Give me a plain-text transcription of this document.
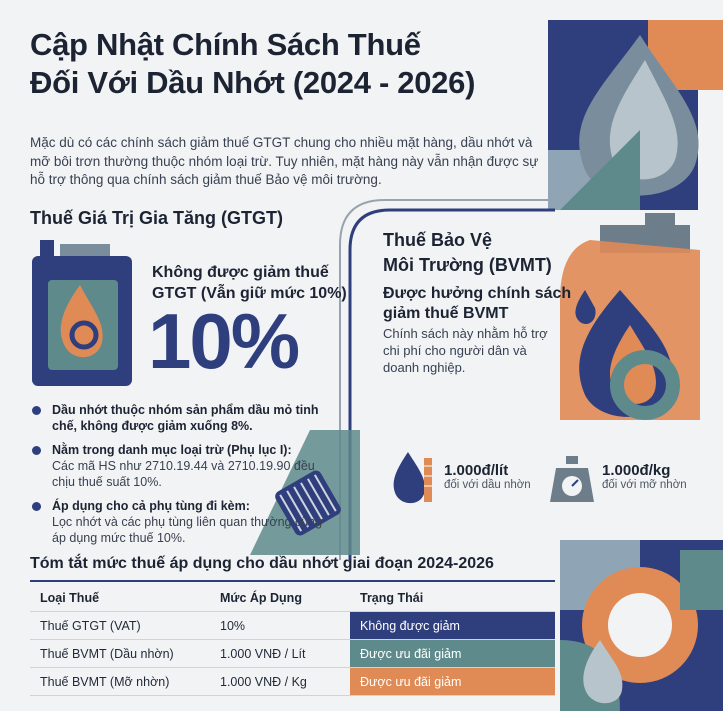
Cập Nhật Chính Sách Thuế
Đối Với Dầu Nhớt (2024 - 2026)
Mặc dù có các chính sách giảm thuế GTGT chung cho nhiều mặt hàng, dầu nhớt và mỡ bôi trơn thường thuộc nhóm loại trừ. Tuy nhiên, mặt hàng này vẫn nhận được sự hỗ trợ thông qua chính sách giảm thuế Bảo vệ môi trường.
Thuế Giá Trị Gia Tăng (GTGT)
Không được giảm thuế GTGT (Vẫn giữ mức 10%)
10%
Dầu nhớt thuộc nhóm sản phẩm dầu mỏ tinh chế, không được giảm xuống 8%.
Nằm trong danh mục loại trừ (Phụ lục I):
Các mã HS như 2710.19.44 và 2710.19.90 đều chịu thuế suất 10%.
Áp dụng cho cả phụ tùng đi kèm:
Lọc nhớt và các phụ tùng liên quan thường cũng áp dụng mức thuế 10%.
Thuế Bảo Vệ
Môi Trường (BVMT)
Được hưởng chính sách giảm thuế BVMT
Chính sách này nhằm hỗ trợ chi phí cho người dân và doanh nghiệp.
1.000đ/lít
đối với dầu nhờn
1.000đ/kg
đối với mỡ nhờn
Tóm tắt mức thuế áp dụng cho dầu nhớt giai đoạn 2024-2026
Loại Thuế	Mức Áp Dụng	Trạng Thái
Thuế GTGT (VAT)	10%	Không được giảm
Thuế BVMT (Dầu nhờn)	1.000 VNĐ / Lít	Được ưu đãi giảm
Thuế BVMT (Mỡ nhờn)	1.000 VNĐ / Kg	Được ưu đãi giảm
